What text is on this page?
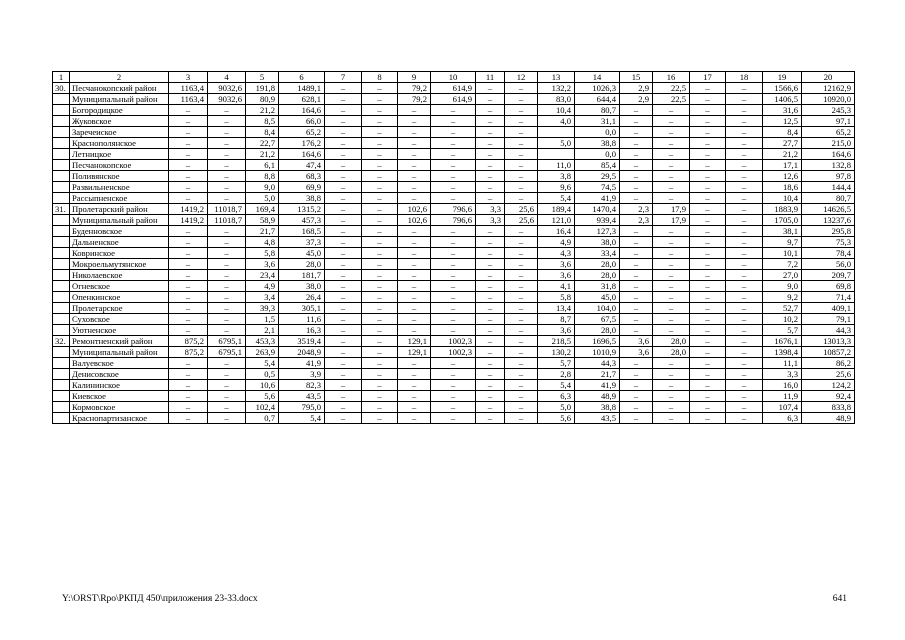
1	2	3	4	5	6	7	8	9	10	11	12	13	14	15	16	17	18	19	20
30.	Песчанокопский район	1163,4	9032,6	191,8	1489,1	–	–	79,2	614,9	–	–	132,2	1026,3	2,9	22,5	–	–	1566,6	12162,9
	Муниципальный район	1163,4	9032,6	80,9	628,1	–	–	79,2	614,9	–	–	83,0	644,4	2,9	22,5	–	–	1406,5	10920,0
	Богородицкое	–	–	21,2	164,6	–	–	–	–	–	–	10,4	80,7	–	–	–	–	31,6	245,3
	Жуковское	–	–	8,5	66,0	–	–	–	–	–	–	4,0	31,1	–	–	–	–	12,5	97,1
	Заречеиское	–	–	8,4	65,2	–	–	–	–	–	–		0,0	–	–	–	–	8,4	65,2
	Краснополянское	–	–	22,7	176,2	–	–	–	–	–	–	5,0	38,8	–	–	–	–	27,7	215,0
	Летницкое	–	–	21,2	164,6	–	–	–	–	–	–		0,0	–	–	–	–	21,2	164,6
	Песчанокопское	–	–	6,1	47,4	–	–	–	–	–	–	11,0	85,4	–	–	–	–	17,1	132,8
	Поливянское	–	–	8,8	68,3	–	–	–	–	–	–	3,8	29,5	–	–	–	–	12,6	97,8
	Развильненское	–	–	9,0	69,9	–	–	–	–	–	–	9,6	74,5	–	–	–	–	18,6	144,4
	Рассыпненское	–	–	5,0	38,8	–	–	–	–	–	–	5,4	41,9	–	–	–	–	10,4	80,7
31.	Пролетарский район	1419,2	11018,7	169,4	1315,2	–	–	102,6	796,6	3,3	25,6	189,4	1470,4	2,3	17,9	–	–	1883,9	14626,5
	Муниципальный район	1419,2	11018,7	58,9	457,3	–	–	102,6	796,6	3,3	25,6	121,0	939,4	2,3	17,9	–	–	1705,0	13237,6
	Буденновское	–	–	21,7	168,5	–	–	–	–	–	–	16,4	127,3	–	–	–	–	38,1	295,8
	Дальненское	–	–	4,8	37,3	–	–	–	–	–	–	4,9	38,0	–	–	–	–	9,7	75,3
	Ковринское	–	–	5,8	45,0	–	–	–	–	–	–	4,3	33,4	–	–	–	–	10,1	78,4
	Мокроельмутянское	–	–	3,6	28,0	–	–	–	–	–	–	3,6	28,0	–	–	–	–	7,2	56,0
	Николаевское	–	–	23,4	181,7	–	–	–	–	–	–	3,6	28,0	–	–	–	–	27,0	209,7
	Огневское	–	–	4,9	38,0	–	–	–	–	–	–	4,1	31,8	–	–	–	–	9,0	69,8
	Опенкинское	–	–	3,4	26,4	–	–	–	–	–	–	5,8	45,0	–	–	–	–	9,2	71,4
	Пролетарское	–	–	39,3	305,1	–	–	–	–	–	–	13,4	104,0	–	–	–	–	52,7	409,1
	Суховское	–	–	1,5	11,6	–	–	–	–	–	–	8,7	67,5	–	–	–	–	10,2	79,1
	Уютненское	–	–	2,1	16,3	–	–	–	–	–	–	3,6	28,0	–	–	–	–	5,7	44,3
32.	Ремонтненский район	875,2	6795,1	453,3	3519,4	–	–	129,1	1002,3	–	–	218,5	1696,5	3,6	28,0	–	–	1676,1	13013,3
	Муниципальный район	875,2	6795,1	263,9	2048,9	–	–	129,1	1002,3	–	–	130,2	1010,9	3,6	28,0	–	–	1398,4	10857,2
	Валуевское	–	–	5,4	41,9	–	–	–	–	–	–	5,7	44,3	–	–	–	–	11,1	86,2
	Денисовское	–	–	0,5	3,9	–	–	–	–	–	–	2,8	21,7	–	–	–	–	3,3	25,6
	Калининское	–	–	10,6	82,3	–	–	–	–	–	–	5,4	41,9	–	–	–	–	16,0	124,2
	Киевское	–	–	5,6	43,5	–	–	–	–	–	–	6,3	48,9	–	–	–	–	11,9	92,4
	Кормовское	–	–	102,4	795,0	–	–	–	–	–	–	5,0	38,8	–	–	–	–	107,4	833,8
	Краснопартизанское	–	–	0,7	5,4	–	–	–	–	–	–	5,6	43,5	–	–	–	–	6,3	48,9
Y:\ORST\Rpo\РКПД 450\приложения 23-33.docx	641
